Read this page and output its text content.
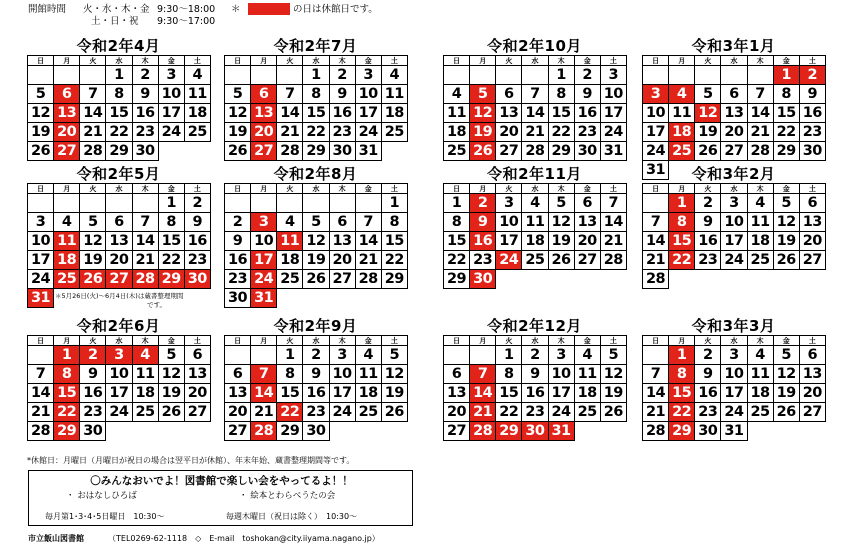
開館時間 火・水・木・金 9:30～18:00
土・日・祝 9:30～17:00
＊	の日は休館日です。
令和2年4月
日	月	火	水	木	金	土
			1	2	3	4
5	6	7	8	9	10	11
12	13	14	15	16	17	18
19	20	21	22	23	24	25
26	27	28	29	30		
令和2年5月
日	月	火	水	木	金	土
					1	2
3	4	5	6	7	8	9
10	11	12	13	14	15	16
17	18	19	20	21	22	23
24	25	26	27	28	29	30
31						
令和2年6月
日	月	火	水	木	金	土
	1	2	3	4	5	6
7	8	9	10	11	12	13
14	15	16	17	18	19	20
21	22	23	24	25	26	27
28	29	30				
令和2年7月
日	月	火	水	木	金	土
			1	2	3	4
5	6	7	8	9	10	11
12	13	14	15	16	17	18
19	20	21	22	23	24	25
26	27	28	29	30	31	
令和2年8月
日	月	火	水	木	金	土
						1
2	3	4	5	6	7	8
9	10	11	12	13	14	15
16	17	18	19	20	21	22
23	24	25	26	27	28	29
30	31					
令和2年9月
日	月	火	水	木	金	土
		1	2	3	4	5
6	7	8	9	10	11	12
13	14	15	16	17	18	19
20	21	22	23	24	25	26
27	28	29	30			
令和2年10月
日	月	火	水	木	金	土
				1	2	3
4	5	6	7	8	9	10
11	12	13	14	15	16	17
18	19	20	21	22	23	24
25	26	27	28	29	30	31
令和2年11月
日	月	火	水	木	金	土
1	2	3	4	5	6	7
8	9	10	11	12	13	14
15	16	17	18	19	20	21
22	23	24	25	26	27	28
29	30					
令和2年12月
日	月	火	水	木	金	土
		1	2	3	4	5
6	7	8	9	10	11	12
13	14	15	16	17	18	19
20	21	22	23	24	25	26
27	28	29	30	31		
令和3年1月
日	月	火	水	木	金	土
					1	2
3	4	5	6	7	8	9
10	11	12	13	14	15	16
17	18	19	20	21	22	23
24	25	26	27	28	29	30
31							令和3年2月
日	月	火	水	木	金	土
	1	2	3	4	5	6
7	8	9	10	11	12	13
14	15	16	17	18	19	20
21	22	23	24	25	26	27
28						
令和3年3月
日	月	火	水	木	金	土
	1	2	3	4	5	6
7	8	9	10	11	12	13
14	15	16	17	18	19	20
21	22	23	24	25	26	27
28	29	30	31			
＊5月26日(火)～6月4日(木)は蔵書整理期間
です。
*休館日：月曜日（月曜日が祝日の場合は翌平日が休館）、年末年始、蔵書整理期間等です。
〇みんなおいでよ！図書館で楽しい会をやってるよ！！
・ おはなしひろば	・ 絵本とわらべうたの会
毎月第1･3･4･5日曜日　10:30～	毎週木曜日（祝日は除く）　10:30～
市立飯山図書館	（TEL0269-62-1118　◇　E-mail　toshokan@city.iiyama.nagano.jp）
